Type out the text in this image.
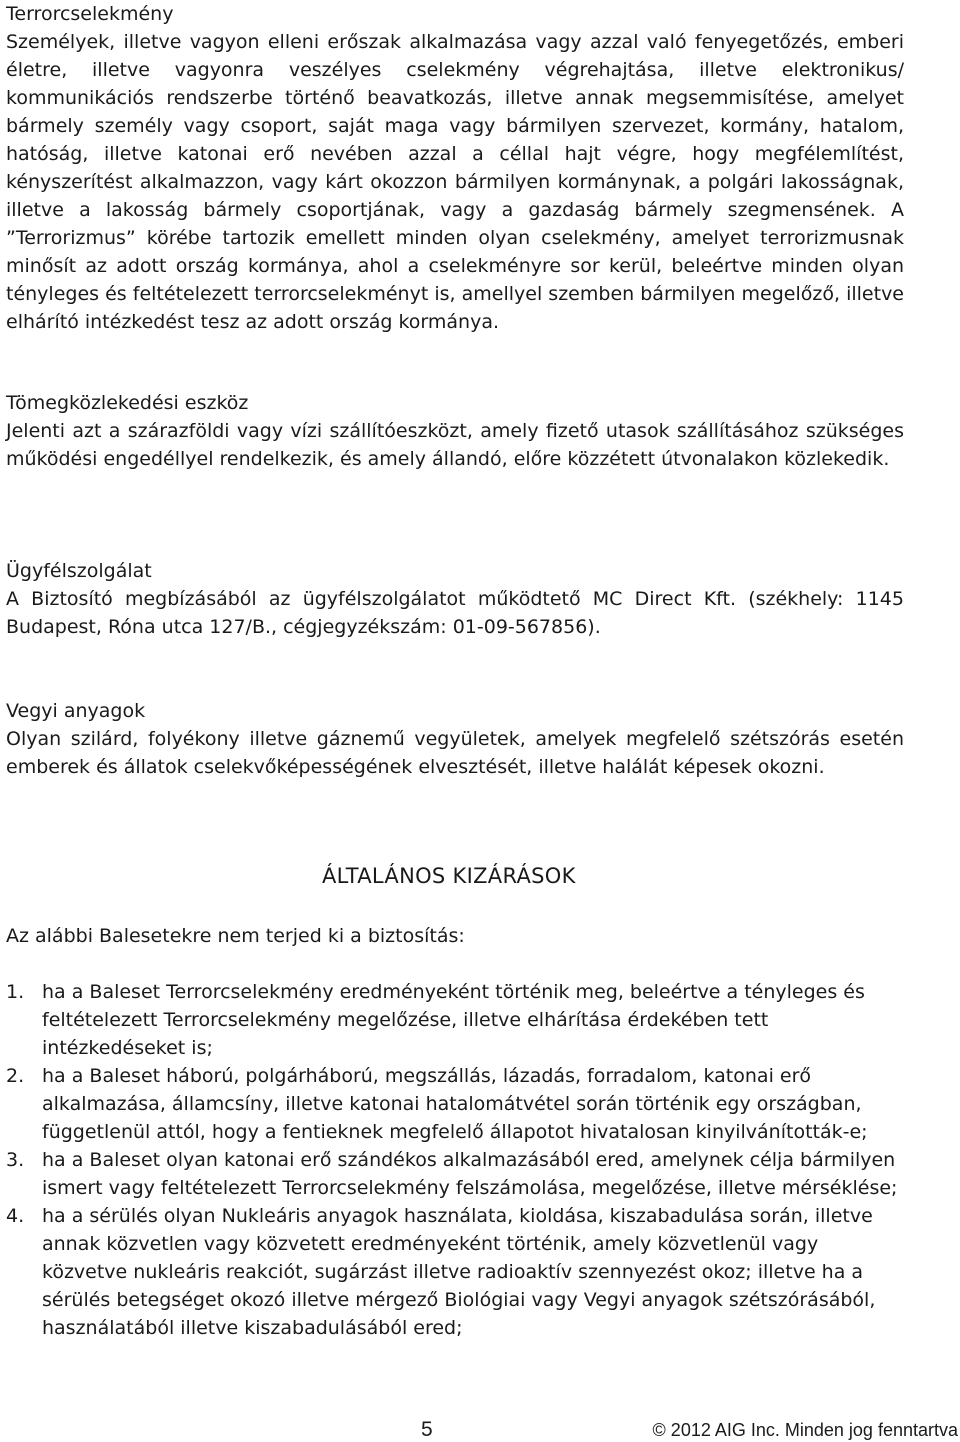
Terrorcselekmény

Személyek, illetve vagyon elleni erőszak alkalmazása vagy azzal való fenyegetőzés, emberi életre, illetve vagyonra veszélyes cselekmény végrehajtása, illetve elektronikus/ kommunikációs rendszerbe történő beavatkozás, illetve annak megsemmisítése, amelyet bármely személy vagy csoport, saját maga vagy bármilyen szervezet, kormány, hatalom, hatóság, illetve katonai erő nevében azzal a céllal hajt végre, hogy megfélemlítést, kényszerítést alkalmazzon, vagy kárt okozzon bármilyen kormánynak, a polgári lakosságnak, illetve a lakosság bármely csoportjának, vagy a gazdaság bármely szegmensének. A ”Terrorizmus” körébe tartozik emellett minden olyan cselekmény, amelyet terrorizmusnak minősít az adott ország kormánya, ahol a cselekményre sor kerül, beleértve minden olyan tényleges és feltételezett terrorcselekményt is, amellyel szemben bármilyen megelőző, illetve elhárító intézkedést tesz az adott ország kormánya.

Tömegközlekedési eszköz

Jelenti azt a szárazföldi vagy vízi szállítóeszközt, amely fizető utasok szállításához szükséges működési engedéllyel rendelkezik, és amely állandó, előre közzétett útvonalakon közlekedik.

Ügyfélszolgálat

A Biztosító megbízásából az ügyfélszolgálatot működtető MC Direct Kft. (székhely: 1145 Budapest, Róna utca 127/B., cégjegyzékszám: 01-09-567856).

Vegyi anyagok

Olyan szilárd, folyékony illetve gáznemű vegyületek, amelyek megfelelő szétszórás esetén emberek és állatok cselekvőképességének elvesztését, illetve halálát képesek okozni.

ÁLTALÁNOS KIZÁRÁSOK
Az alábbi Balesetekre nem terjed ki a biztosítás:

1. ha a Baleset Terrorcselekmény eredményeként történik meg, beleértve a tényleges és feltételezett Terrorcselekmény megelőzése, illetve elhárítása érdekében tett intézkedéseket is;

2. ha a Baleset háború, polgárháború, megszállás, lázadás, forradalom, katonai erő alkalmazása, államcsíny, illetve katonai hatalomátvétel során történik egy országban, függetlenül attól, hogy a fentieknek megfelelő állapotot hivatalosan kinyilvánították-e;

3. ha a Baleset olyan katonai erő szándékos alkalmazásából ered, amelynek célja bármilyen ismert vagy feltételezett Terrorcselekmény felszámolása, megelőzése, illetve mérséklése;

4. ha a sérülés olyan Nukleáris anyagok használata, kioldása, kiszabadulása során, illetve annak közvetlen vagy közvetett eredményeként történik, amely közvetlenül vagy közvetve nukleáris reakciót, sugárzást illetve radioaktív szennyezést okoz; illetve ha a sérülés betegséget okozó illetve mérgező Biológiai vagy Vegyi anyagok szétszórásából, használatából illetve kiszabadulásából ered;

5	© 2012 AIG Inc. Minden jog fenntartva
